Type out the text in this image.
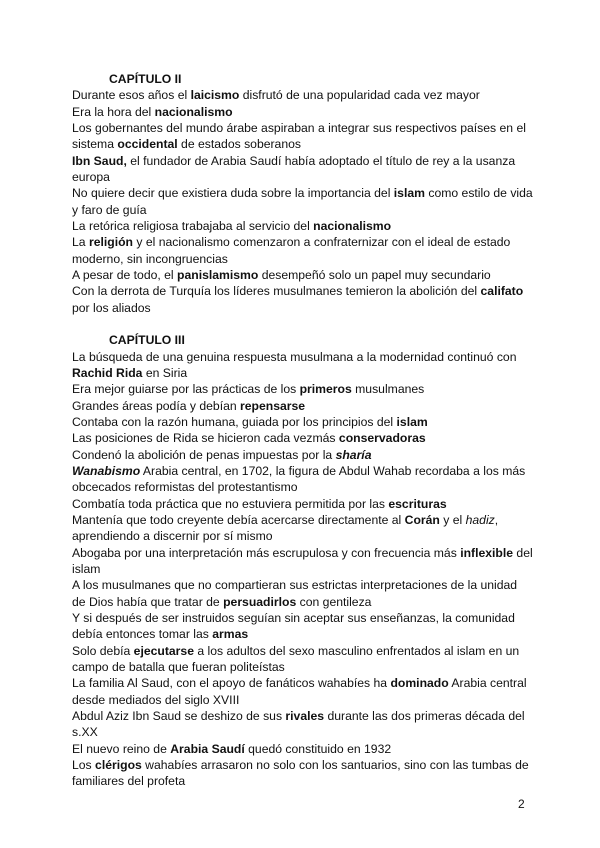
CAPÍTULO II

Durante esos años el laicismo disfrutó de una popularidad cada vez mayor

Era la hora del nacionalismo

Los gobernantes del mundo árabe aspiraban a integrar sus respectivos países en el sistema occidental de estados soberanos

Ibn Saud, el fundador de Arabia Saudí había adoptado el título de rey a la usanza europa

No quiere decir que existiera duda sobre la importancia del islam como estilo de vida y faro de guía

La retórica religiosa trabajaba al servicio del nacionalismo

La religión y el nacionalismo comenzaron a confraternizar con el ideal de estado moderno, sin incongruencias

A pesar de todo, el panislamismo desempeñó solo un papel muy secundario

Con la derrota de Turquía los líderes musulmanes temieron la abolición del califato por los aliados

CAPÍTULO III

La búsqueda de una genuina respuesta musulmana a la modernidad continuó con Rachid Rida en Siria

Era mejor guiarse por las prácticas de los primeros musulmanes

Grandes áreas podía y debían repensarse

Contaba con la razón humana, guiada por los principios del islam

Las posiciones de Rida se hicieron cada vezmás conservadoras

Condenó la abolición de penas impuestas por la sharía

Wanabismo Arabia central, en 1702, la figura de Abdul Wahab recordaba a los más obcecados reformistas del protestantismo

Combatía toda práctica que no estuviera permitida por las escrituras

Mantenía que todo creyente debía acercarse directamente al Corán y el hadiz, aprendiendo a discernir por sí mismo

Abogaba por una interpretación más escrupulosa y con frecuencia más inflexible del islam

A los musulmanes que no compartieran sus estrictas interpretaciones de la unidad de Dios había que tratar de persuadirlos con gentileza

Y si después de ser instruidos seguían sin aceptar sus enseñanzas, la comunidad debía entonces tomar las armas

Solo debía ejecutarse a los adultos del sexo masculino enfrentados al islam en un campo de batalla que fueran politeístas

La familia Al Saud, con el apoyo de fanáticos wahabíes ha dominado Arabia central desde mediados del siglo XVIII

Abdul Aziz Ibn Saud se deshizo de sus rivales durante las dos primeras década del s.XX

El nuevo reino de Arabia Saudí quedó constituido en 1932

Los clérigos wahabíes arrasaron no solo con los santuarios, sino con las tumbas de familiares del profeta

2
